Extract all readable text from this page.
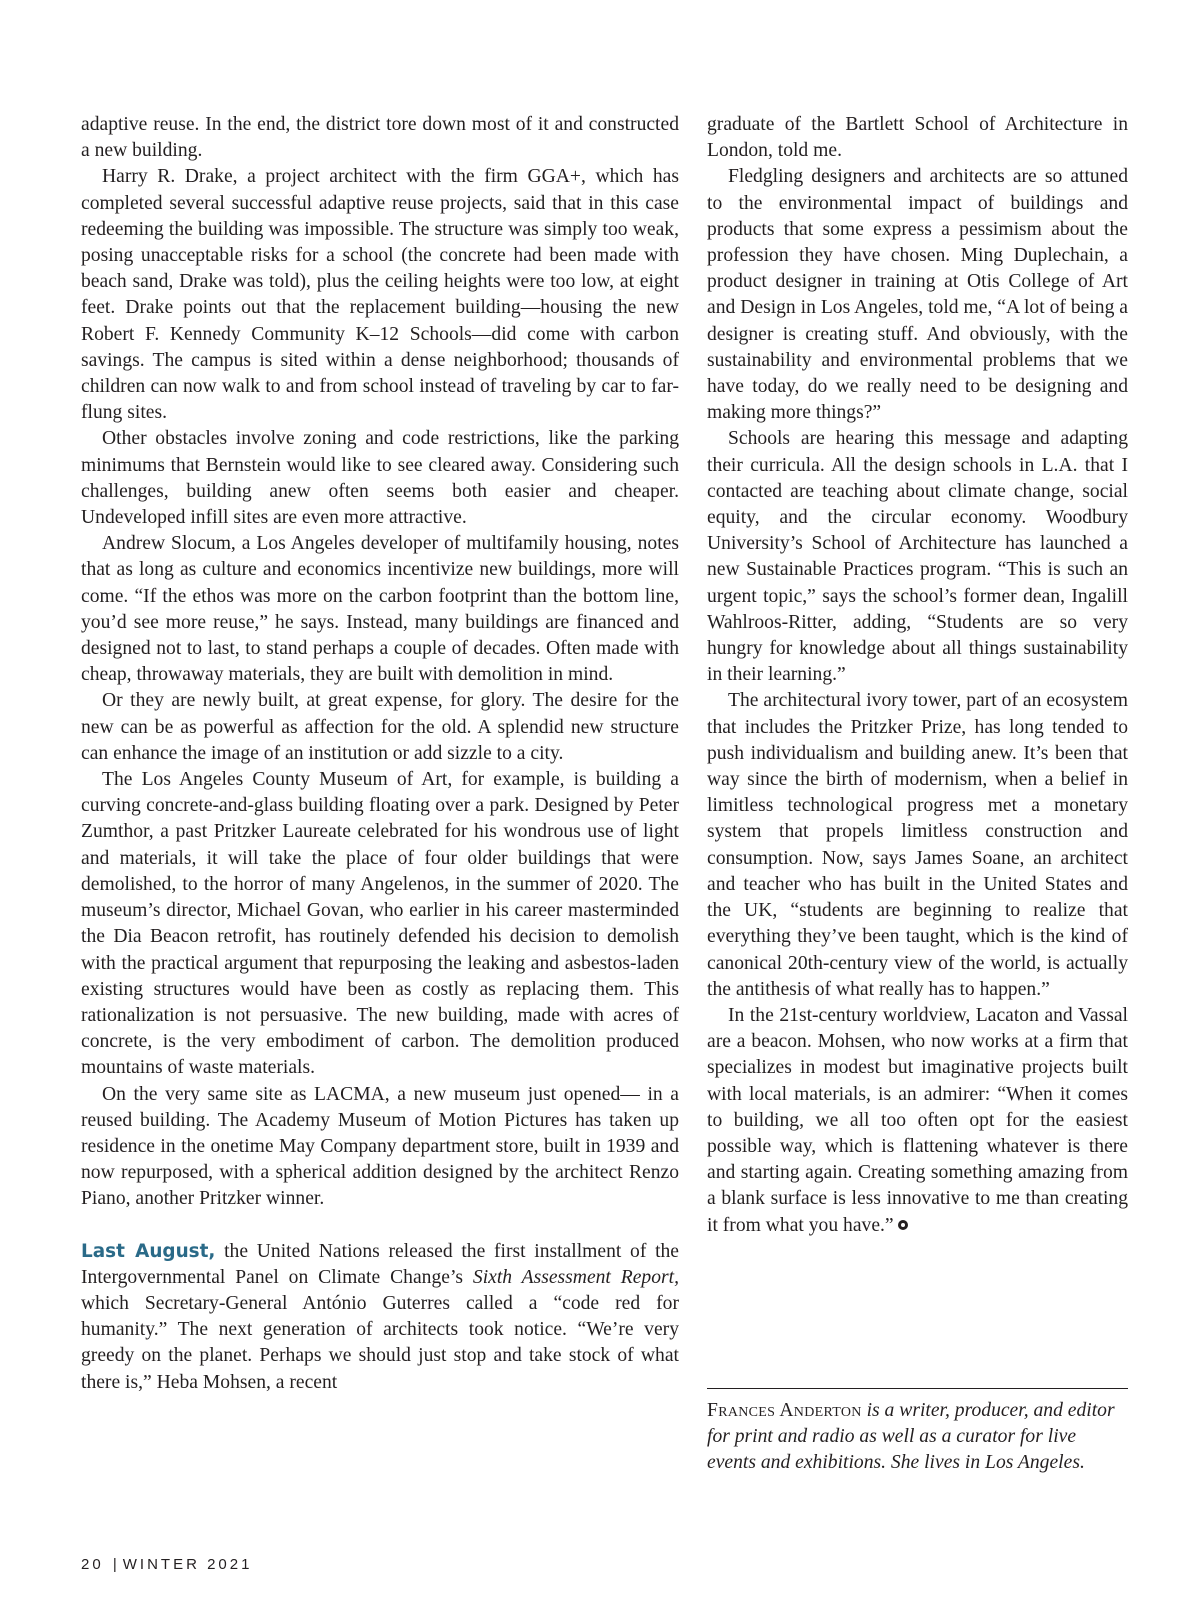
adaptive reuse. In the end, the district tore down most of it and constructed a new building.

Harry R. Drake, a project architect with the firm GGA+, which has completed several successful adaptive reuse projects, said that in this case redeeming the building was impossible. The structure was simply too weak, posing unacceptable risks for a school (the concrete had been made with beach sand, Drake was told), plus the ceiling heights were too low, at eight feet. Drake points out that the replacement building—housing the new Robert F. Kennedy Community K–12 Schools—did come with carbon savings. The campus is sited within a dense neighborhood; thousands of children can now walk to and from school instead of traveling by car to far-flung sites.

Other obstacles involve zoning and code restrictions, like the parking minimums that Bernstein would like to see cleared away. Considering such challenges, building anew often seems both easier and cheaper. Undeveloped infill sites are even more attractive.

Andrew Slocum, a Los Angeles developer of multifamily housing, notes that as long as culture and economics incentivize new buildings, more will come. “If the ethos was more on the carbon footprint than the bottom line, you’d see more reuse,” he says. Instead, many buildings are financed and designed not to last, to stand perhaps a couple of decades. Often made with cheap, throwaway materials, they are built with demolition in mind.

Or they are newly built, at great expense, for glory. The desire for the new can be as powerful as affection for the old. A splendid new structure can enhance the image of an institution or add sizzle to a city.

The Los Angeles County Museum of Art, for example, is building a curving concrete-and-glass building floating over a park. Designed by Peter Zumthor, a past Pritzker Laureate celebrated for his wondrous use of light and materials, it will take the place of four older buildings that were demolished, to the horror of many Angelenos, in the summer of 2020. The museum’s director, Michael Govan, who earlier in his career masterminded the Dia Beacon retrofit, has routinely defended his decision to demolish with the practical argument that repurposing the leaking and asbestos-laden existing structures would have been as costly as replacing them. This rationalization is not persuasive. The new building, made with acres of concrete, is the very embodiment of carbon. The demolition produced mountains of waste materials.

On the very same site as LACMA, a new museum just opened— in a reused building. The Academy Museum of Motion Pictures has taken up residence in the onetime May Company department store, built in 1939 and now repurposed, with a spherical addition designed by the architect Renzo Piano, another Pritzker winner.

Last August, the United Nations released the first installment of the Intergovernmental Panel on Climate Change’s Sixth Assessment Report, which Secretary-General António Guterres called a “code red for humanity.” The next generation of architects took notice. “We’re very greedy on the planet. Perhaps we should just stop and take stock of what there is,” Heba Mohsen, a recent

graduate of the Bartlett School of Architecture in London, told me.

Fledgling designers and architects are so attuned to the environmental impact of buildings and products that some express a pessimism about the profession they have chosen. Ming Duplechain, a product designer in training at Otis College of Art and Design in Los Angeles, told me, “A lot of being a designer is creating stuff. And obviously, with the sustainability and environmental problems that we have today, do we really need to be designing and making more things?”

Schools are hearing this message and adapting their curricula. All the design schools in L.A. that I contacted are teaching about climate change, social equity, and the circular economy. Woodbury University’s School of Architecture has launched a new Sustainable Practices program. “This is such an urgent topic,” says the school’s former dean, Ingalill Wahlroos-Ritter, adding, “Students are so very hungry for knowledge about all things sustainability in their learning.”

The architectural ivory tower, part of an ecosystem that includes the Pritzker Prize, has long tended to push individualism and building anew. It’s been that way since the birth of modernism, when a belief in limitless technological progress met a monetary system that propels limitless construction and consumption. Now, says James Soane, an architect and teacher who has built in the United States and the UK, “students are beginning to realize that everything they’ve been taught, which is the kind of canonical 20th-century view of the world, is actually the antithesis of what really has to happen.”

In the 21st-century worldview, Lacaton and Vassal are a beacon. Mohsen, who now works at a firm that specializes in modest but imaginative projects built with local materials, is an admirer: “When it comes to building, we all too often opt for the easiest possible way, which is flattening whatever is there and starting again. Creating something amazing from a blank surface is less innovative to me than creating it from what you have.”

Frances Anderton is a writer, producer, and editor for print and radio as well as a curator for live events and exhibitions. She lives in Los Angeles.
20 | WINTER 2021
